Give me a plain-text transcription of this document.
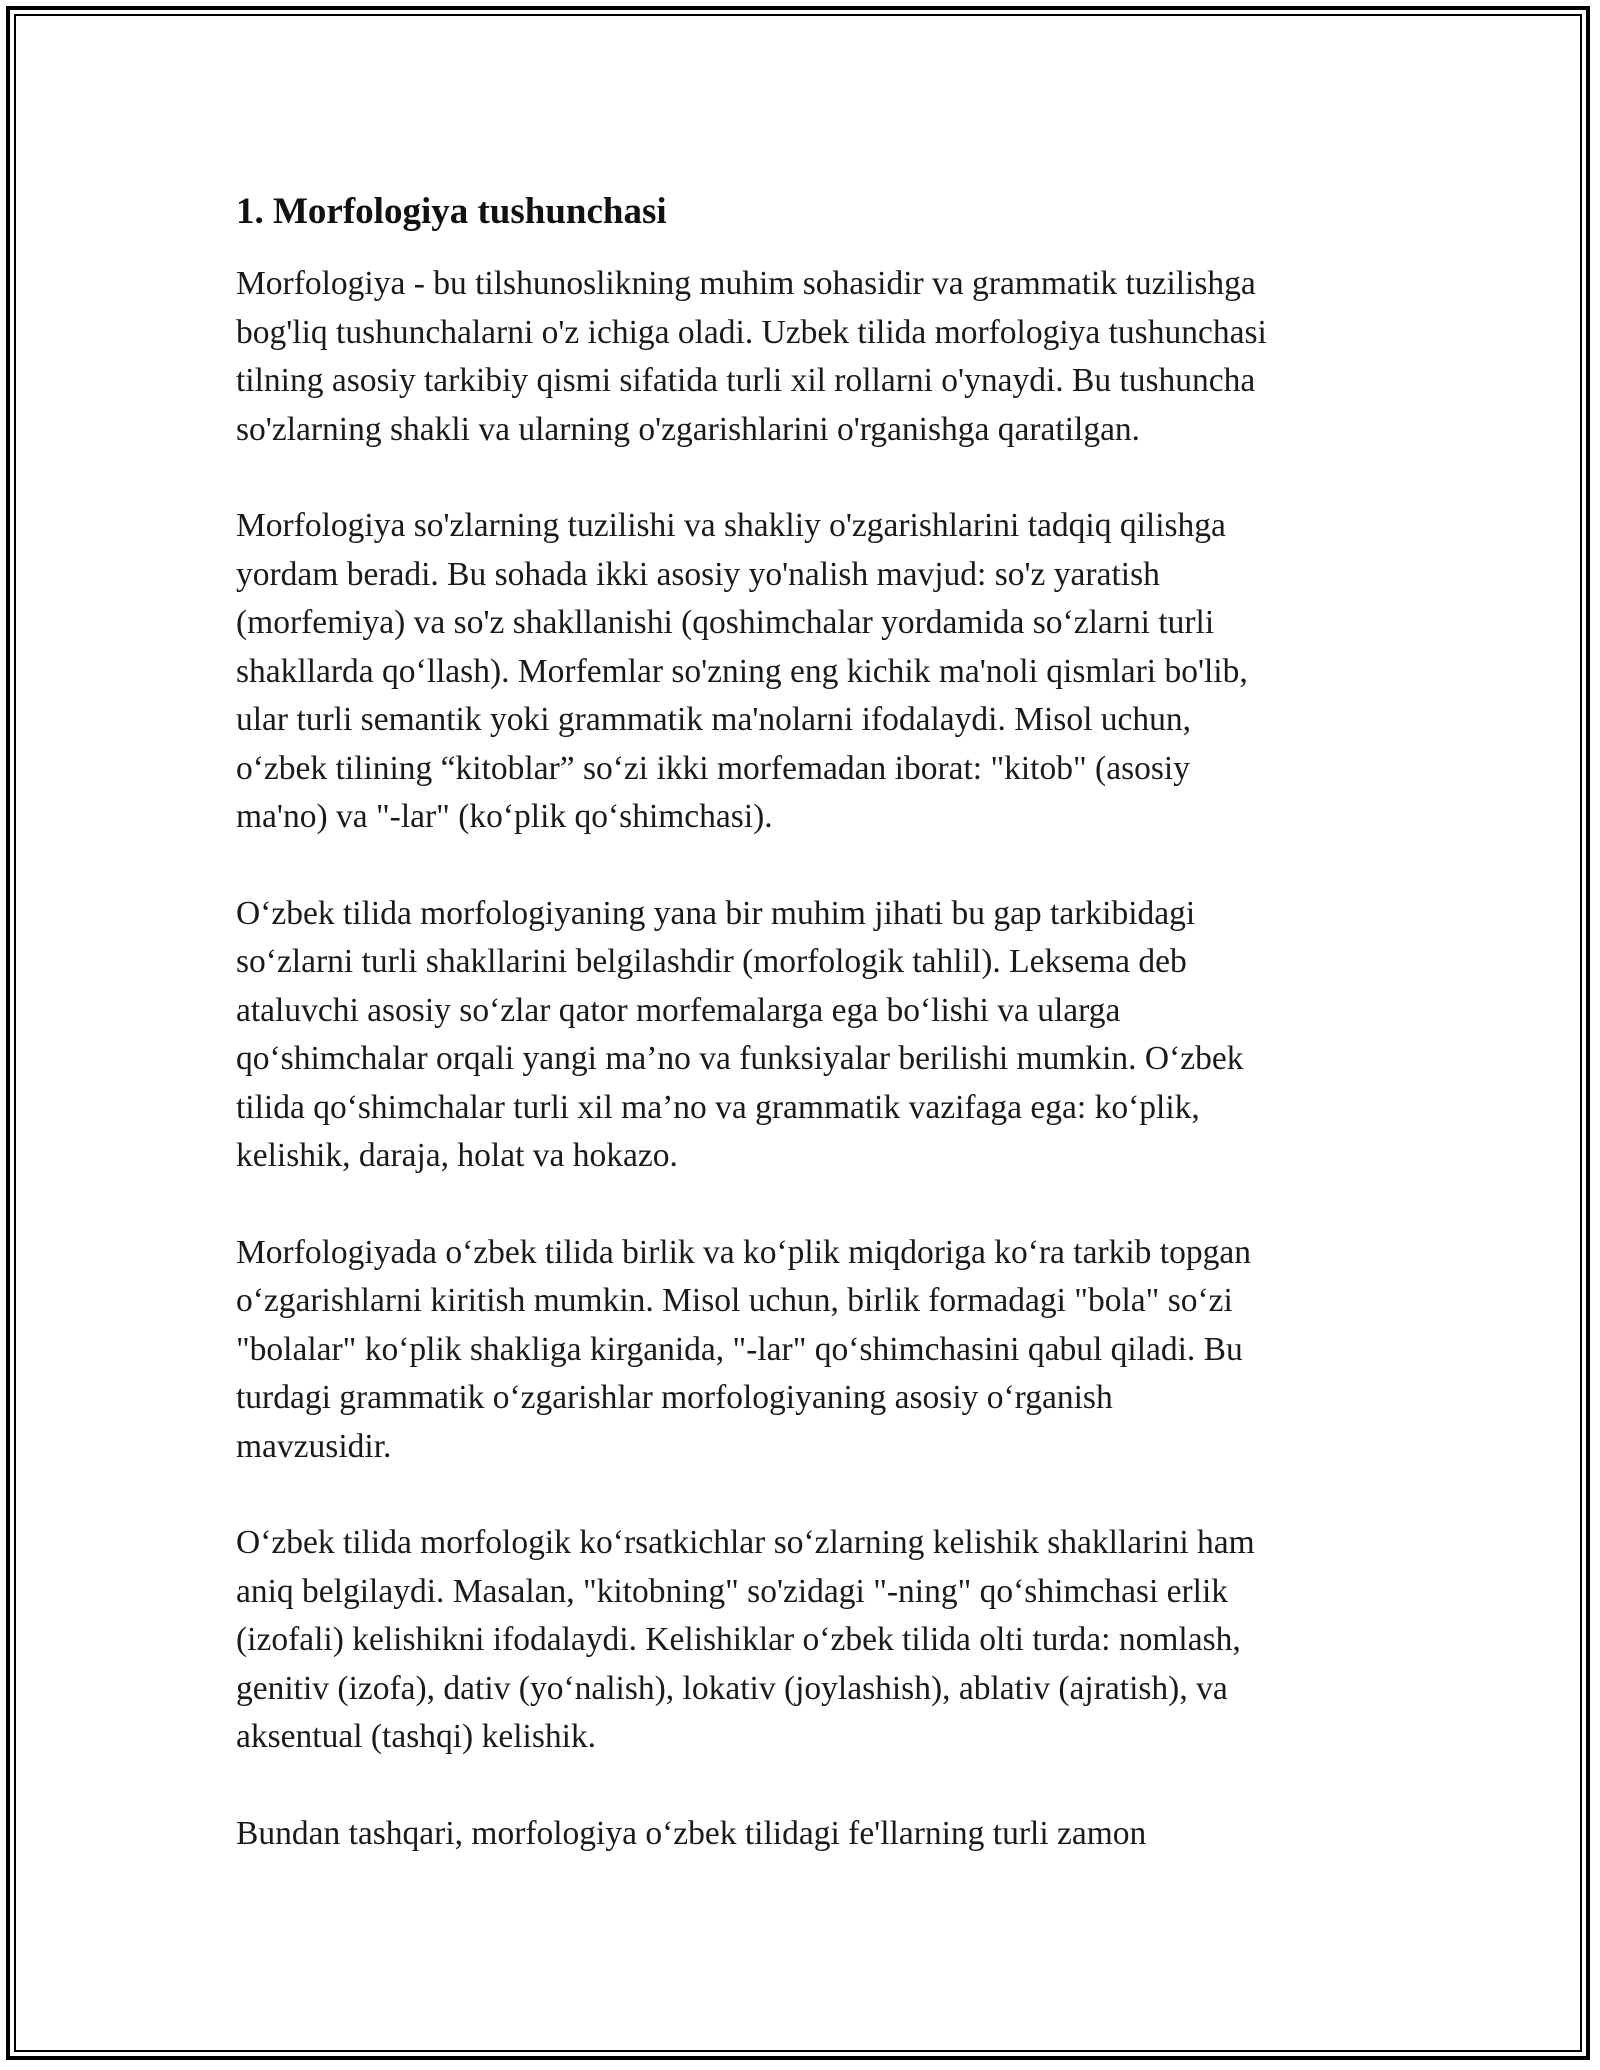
1. Morfologiya tushunchasi
Morfologiya - bu tilshunoslikning muhim sohasidir va grammatik tuzilishga
bog'liq tushunchalarni o'z ichiga oladi. Uzbek tilida morfologiya tushunchasi
tilning asosiy tarkibiy qismi sifatida turli xil rollarni o'ynaydi. Bu tushuncha
so'zlarning shakli va ularning o'zgarishlarini o'rganishga qaratilgan.
Morfologiya so'zlarning tuzilishi va shakliy o'zgarishlarini tadqiq qilishga
yordam beradi. Bu sohada ikki asosiy yo'nalish mavjud: so'z yaratish
(morfemiya) va so'z shakllanishi (qoshimchalar yordamida so‘zlarni turli
shakllarda qo‘llash). Morfemlar so'zning eng kichik ma'noli qismlari bo'lib,
ular turli semantik yoki grammatik ma'nolarni ifodalaydi. Misol uchun,
o‘zbek tilining “kitoblar” so‘zi ikki morfemadan iborat: "kitob" (asosiy
ma'no) va "-lar" (ko‘plik qo‘shimchasi).
O‘zbek tilida morfologiyaning yana bir muhim jihati bu gap tarkibidagi
so‘zlarni turli shakllarini belgilashdir (morfologik tahlil). Leksema deb
ataluvchi asosiy so‘zlar qator morfemalarga ega bo‘lishi va ularga
qo‘shimchalar orqali yangi ma’no va funksiyalar berilishi mumkin. O‘zbek
tilida qo‘shimchalar turli xil ma’no va grammatik vazifaga ega: ko‘plik,
kelishik, daraja, holat va hokazo.
Morfologiyada o‘zbek tilida birlik va ko‘plik miqdoriga ko‘ra tarkib topgan
o‘zgarishlarni kiritish mumkin. Misol uchun, birlik formadagi "bola" so‘zi
"bolalar" ko‘plik shakliga kirganida, "-lar" qo‘shimchasini qabul qiladi. Bu
turdagi grammatik o‘zgarishlar morfologiyaning asosiy o‘rganish
mavzusidir.
O‘zbek tilida morfologik ko‘rsatkichlar so‘zlarning kelishik shakllarini ham
aniq belgilaydi. Masalan, "kitobning" so'zidagi "-ning" qo‘shimchasi erlik
(izofali) kelishikni ifodalaydi. Kelishiklar o‘zbek tilida olti turda: nomlash,
genitiv (izofa), dativ (yo‘nalish), lokativ (joylashish), ablativ (ajratish), va
aksentual (tashqi) kelishik.
Bundan tashqari, morfologiya o‘zbek tilidagi fe'llarning turli zamon
